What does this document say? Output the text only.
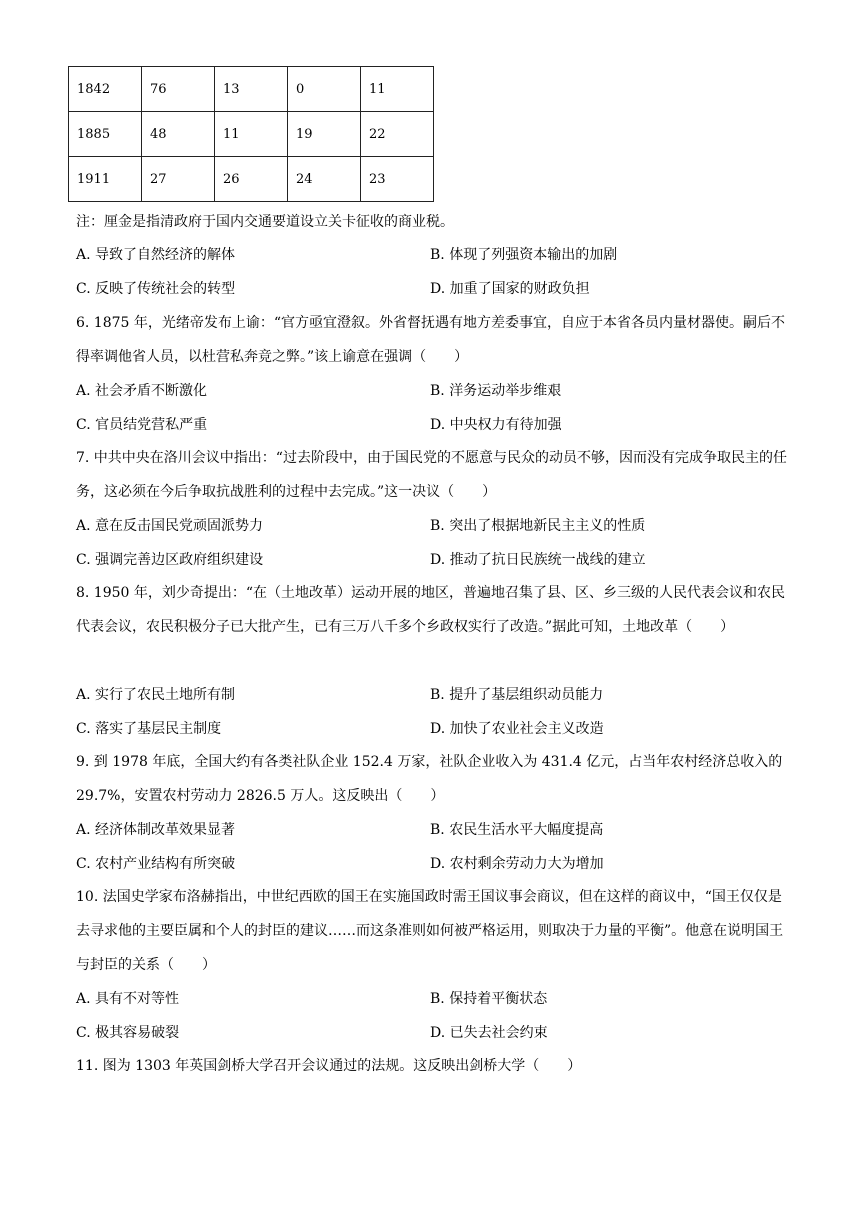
1842	76	13	0	11
1885	48	11	19	22
1911	27	26	24	23
注：厘金是指清政府于国内交通要道设立关卡征收的商业税。
A. 导致了自然经济的解体	B. 体现了列强资本输出的加剧
C. 反映了传统社会的转型	D. 加重了国家的财政负担
6. 1875 年，光绪帝发布上谕：“官方亟宜澄叙。外省督抚遇有地方差委事宜，自应于本省各员内量材器使。嗣后不得率调他省人员，以杜营私奔竞之弊。”该上谕意在强调（　　）
A. 社会矛盾不断激化	B. 洋务运动举步维艰
C. 官员结党营私严重	D. 中央权力有待加强
7. 中共中央在洛川会议中指出：“过去阶段中，由于国民党的不愿意与民众的动员不够，因而没有完成争取民主的任务，这必须在今后争取抗战胜利的过程中去完成。”这一决议（　　）
A. 意在反击国民党顽固派势力	B. 突出了根据地新民主主义的性质
C. 强调完善边区政府组织建设	D. 推动了抗日民族统一战线的建立
8. 1950 年，刘少奇提出：“在（土地改革）运动开展的地区，普遍地召集了县、区、乡三级的人民代表会议和农民代表会议，农民积极分子已大批产生，已有三万八千多个乡政权实行了改造。”据此可知，土地改革（　　）
A. 实行了农民土地所有制	B. 提升了基层组织动员能力
C. 落实了基层民主制度	D. 加快了农业社会主义改造
9. 到 1978 年底，全国大约有各类社队企业 152.4 万家，社队企业收入为 431.4 亿元，占当年农村经济总收入的 29.7%，安置农村劳动力 2826.5 万人。这反映出（　　）
A. 经济体制改革效果显著	B. 农民生活水平大幅度提高
C. 农村产业结构有所突破	D. 农村剩余劳动力大为增加
10. 法国史学家布洛赫指出，中世纪西欧的国王在实施国政时需王国议事会商议，但在这样的商议中，“国王仅仅是去寻求他的主要臣属和个人的封臣的建议……而这条准则如何被严格运用，则取决于力量的平衡”。他意在说明国王与封臣的关系（　　）
A. 具有不对等性	B. 保持着平衡状态
C. 极其容易破裂	D. 已失去社会约束
11. 图为 1303 年英国剑桥大学召开会议通过的法规。这反映出剑桥大学（　　）
